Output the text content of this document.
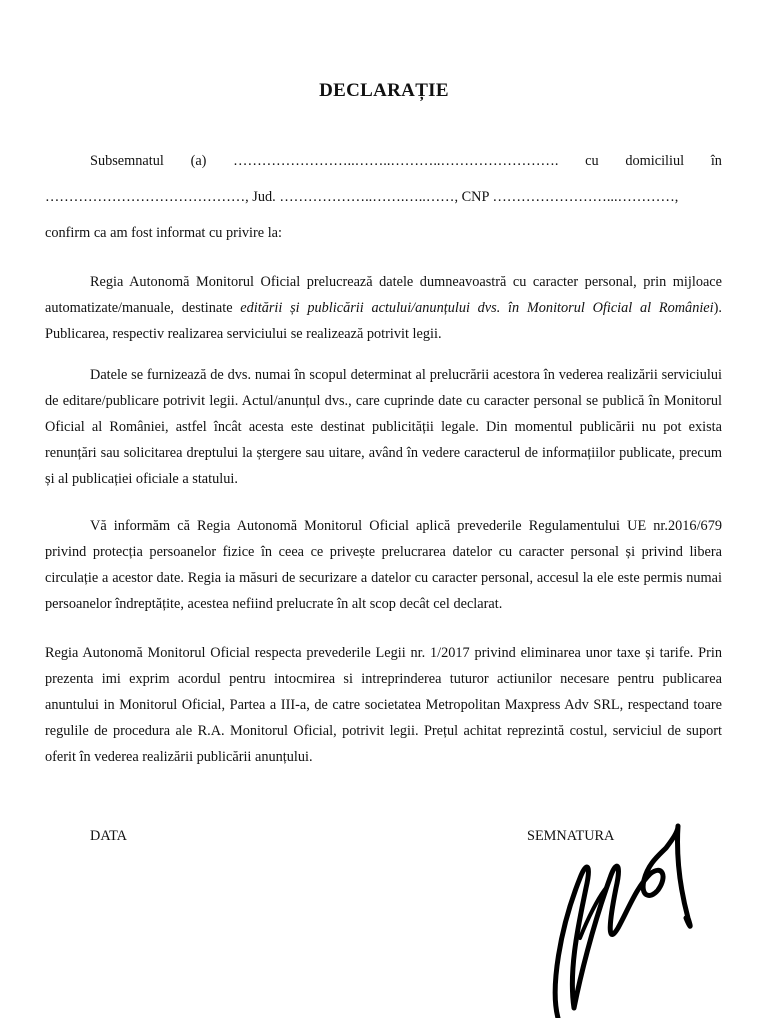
DECLARAȚIE
Subsemnatul (a) ……………………..……..………..……………………. cu domiciliul în
……………………………………, Jud. ………………..…….…..……, CNP ……………………...…………,
confirm ca am fost informat cu privire la:
Regia Autonomă Monitorul Oficial prelucrează datele dumneavoastră cu caracter personal, prin mijloace automatizate/manuale, destinate editării și publicării actului/anunțului dvs. în Monitorul Oficial al României). Publicarea, respectiv realizarea serviciului se realizează potrivit legii.
Datele se furnizează de dvs. numai în scopul determinat al prelucrării acestora în vederea realizării serviciului de editare/publicare potrivit legii. Actul/anunțul dvs., care cuprinde date cu caracter personal se publică în Monitorul Oficial al României, astfel încât acesta este destinat publicității legale. Din momentul publicării nu pot exista renunțări sau solicitarea dreptului la ștergere sau uitare, având în vedere caracterul de informațiilor publicate, precum și al publicației oficiale a statului.
Vă informăm că Regia Autonomă Monitorul Oficial aplică prevederile Regulamentului UE nr.2016/679 privind protecția persoanelor fizice în ceea ce privește prelucrarea datelor cu caracter personal și privind libera circulație a acestor date. Regia ia măsuri de securizare a datelor cu caracter personal, accesul la ele este permis numai persoanelor îndreptățite, acestea nefiind prelucrate în alt scop decât cel declarat.
Regia Autonomă Monitorul Oficial respecta prevederile Legii nr. 1/2017 privind eliminarea unor taxe și tarife. Prin prezenta imi exprim acordul pentru intocmirea si intreprinderea tuturor actiunilor necesare pentru publicarea anuntului in Monitorul Oficial, Partea a III-a, de catre societatea Metropolitan Maxpress Adv SRL, respectand toare regulile de procedura ale R.A. Monitorul Oficial, potrivit legii. Prețul achitat reprezintă costul, serviciul de suport oferit în vederea realizării publicării anunțului.
DATA	SEMNATURA
